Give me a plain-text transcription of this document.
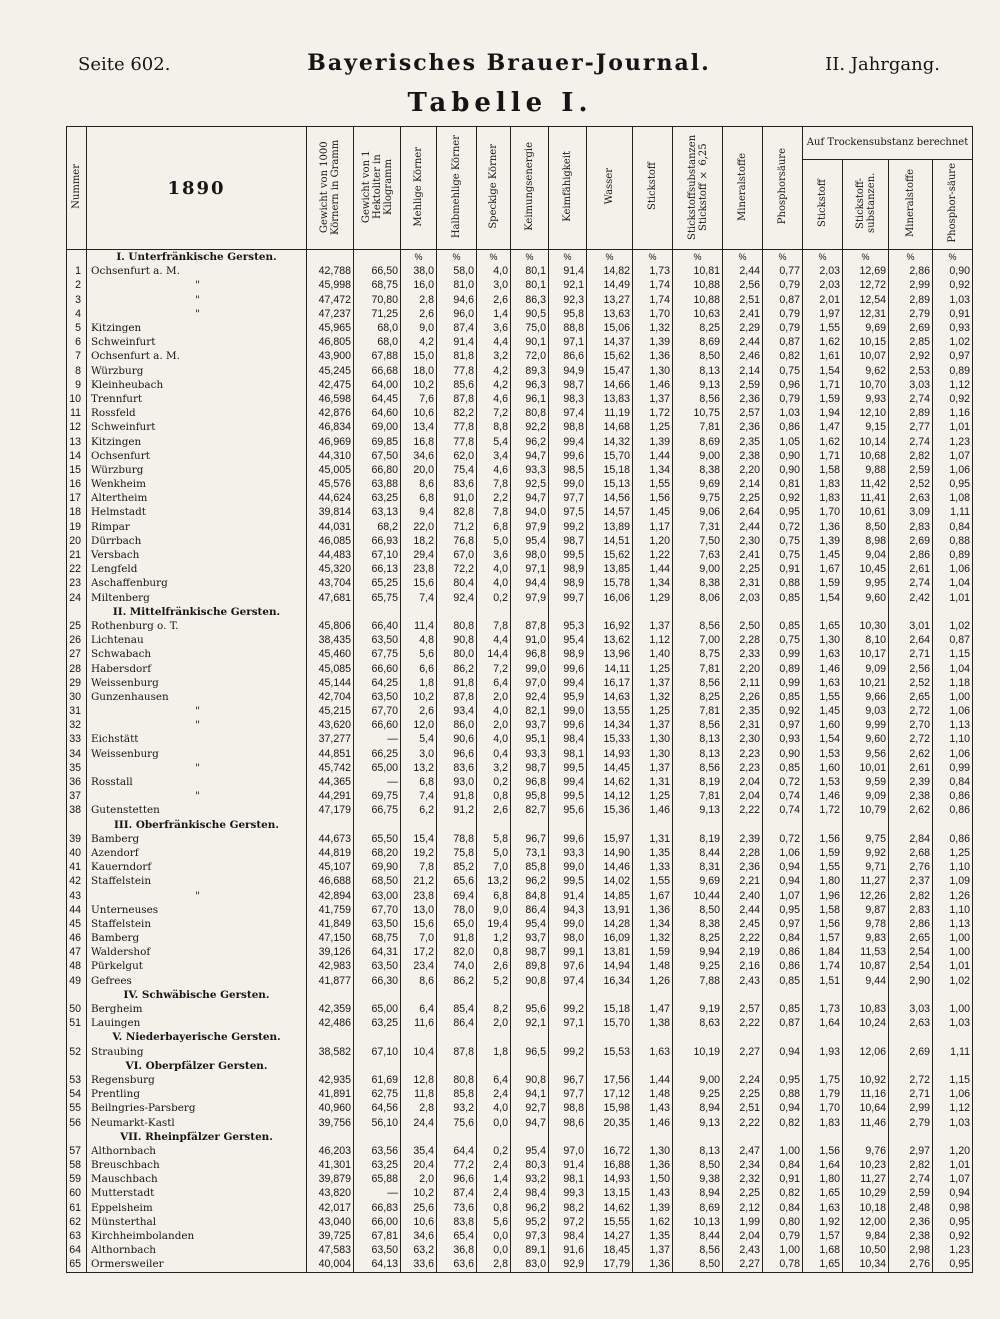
Seite 602.	Bayerisches Brauer-Journal.	II. Jahrgang.
Tabelle I.
Nummer	1890	Gewicht von 1000 Körnern in Gramm	Gewicht von 1 Hektoliter in Kilogramm	Mehlige Körner	Halbmehlige Körner	Speckige Körner	Keimungsenergie	Keimfähigkeit	Wasser	Stickstoff	Stickstoffsubstanzen Stickstoff × 6,25	Mineralstoffe	Phosphorsäure	Auf Trockensubstanz berechnet			
														Stickstoff	Stickstoff-substanzen.	Mineralstoffe	Phosphor-säure
	I. Unterfränkische Gersten.			%	%	%	%	%	%	%	%	%	%	%	%	%	%
1	Ochsenfurt a. M.	42,788	66,50	38,0	58,0	4,0	80,1	91,4	14,82	1,73	10,81	2,44	0,77	2,03	12,69	2,86	0,90
2	"	45,998	68,75	16,0	81,0	3,0	80,1	92,1	14,49	1,74	10,88	2,56	0,79	2,03	12,72	2,99	0,92
3	"	47,472	70,80	2,8	94,6	2,6	86,3	92,3	13,27	1,74	10,88	2,51	0,87	2,01	12,54	2,89	1,03
4	"	47,237	71,25	2,6	96,0	1,4	90,5	95,8	13,63	1,70	10,63	2,41	0,79	1,97	12,31	2,79	0,91
5	Kitzingen	45,965	68,0	9,0	87,4	3,6	75,0	88,8	15,06	1,32	8,25	2,29	0,79	1,55	9,69	2,69	0,93
6	Schweinfurt	46,805	68,0	4,2	91,4	4,4	90,1	97,1	14,37	1,39	8,69	2,44	0,87	1,62	10,15	2,85	1,02
7	Ochsenfurt a. M.	43,900	67,88	15,0	81,8	3,2	72,0	86,6	15,62	1,36	8,50	2,46	0,82	1,61	10,07	2,92	0,97
8	Würzburg	45,245	66,68	18,0	77,8	4,2	89,3	94,9	15,47	1,30	8,13	2,14	0,75	1,54	9,62	2,53	0,89
9	Kleinheubach	42,475	64,00	10,2	85,6	4,2	96,3	98,7	14,66	1,46	9,13	2,59	0,96	1,71	10,70	3,03	1,12
10	Trennfurt	46,598	64,45	7,6	87,8	4,6	96,1	98,3	13,83	1,37	8,56	2,36	0,79	1,59	9,93	2,74	0,92
11	Rossfeld	42,876	64,60	10,6	82,2	7,2	80,8	97,4	11,19	1,72	10,75	2,57	1,03	1,94	12,10	2,89	1,16
12	Schweinfurt	46,834	69,00	13,4	77,8	8,8	92,2	98,8	14,68	1,25	7,81	2,36	0,86	1,47	9,15	2,77	1,01
13	Kitzingen	46,969	69,85	16,8	77,8	5,4	96,2	99,4	14,32	1,39	8,69	2,35	1,05	1,62	10,14	2,74	1,23
14	Ochsenfurt	44,310	67,50	34,6	62,0	3,4	94,7	99,6	15,70	1,44	9,00	2,38	0,90	1,71	10,68	2,82	1,07
15	Würzburg	45,005	66,80	20,0	75,4	4,6	93,3	98,5	15,18	1,34	8,38	2,20	0,90	1,58	9,88	2,59	1,06
16	Wenkheim	45,576	63,88	8,6	83,6	7,8	92,5	99,0	15,13	1,55	9,69	2,14	0,81	1,83	11,42	2,52	0,95
17	Altertheim	44,624	63,25	6,8	91,0	2,2	94,7	97,7	14,56	1,56	9,75	2,25	0,92	1,83	11,41	2,63	1,08
18	Helmstadt	39,814	63,13	9,4	82,8	7,8	94,0	97,5	14,57	1,45	9,06	2,64	0,95	1,70	10,61	3,09	1,11
19	Rimpar	44,031	68,2	22,0	71,2	6,8	97,9	99,2	13,89	1,17	7,31	2,44	0,72	1,36	8,50	2,83	0,84
20	Dürrbach	46,085	66,93	18,2	76,8	5,0	95,4	98,7	14,51	1,20	7,50	2,30	0,75	1,39	8,98	2,69	0,88
21	Versbach	44,483	67,10	29,4	67,0	3,6	98,0	99,5	15,62	1,22	7,63	2,41	0,75	1,45	9,04	2,86	0,89
22	Lengfeld	45,320	66,13	23,8	72,2	4,0	97,1	98,9	13,85	1,44	9,00	2,25	0,91	1,67	10,45	2,61	1,06
23	Aschaffenburg	43,704	65,25	15,6	80,4	4,0	94,4	98,9	15,78	1,34	8,38	2,31	0,88	1,59	9,95	2,74	1,04
24	Miltenberg	47,681	65,75	7,4	92,4	0,2	97,9	99,7	16,06	1,29	8,06	2,03	0,85	1,54	9,60	2,42	1,01
	II. Mittelfränkische Gersten.																
25	Rothenburg o. T.	45,806	66,40	11,4	80,8	7,8	87,8	95,3	16,92	1,37	8,56	2,50	0,85	1,65	10,30	3,01	1,02
26	Lichtenau	38,435	63,50	4,8	90,8	4,4	91,0	95,4	13,62	1,12	7,00	2,28	0,75	1,30	8,10	2,64	0,87
27	Schwabach	45,460	67,75	5,6	80,0	14,4	96,8	98,9	13,96	1,40	8,75	2,33	0,99	1,63	10,17	2,71	1,15
28	Habersdorf	45,085	66,60	6,6	86,2	7,2	99,0	99,6	14,11	1,25	7,81	2,20	0,89	1,46	9,09	2,56	1,04
29	Weissenburg	45,144	64,25	1,8	91,8	6,4	97,0	99,4	16,17	1,37	8,56	2,11	0,99	1,63	10,21	2,52	1,18
30	Gunzenhausen	42,704	63,50	10,2	87,8	2,0	92,4	95,9	14,63	1,32	8,25	2,26	0,85	1,55	9,66	2,65	1,00
31	"	45,215	67,70	2,6	93,4	4,0	82,1	99,0	13,55	1,25	7,81	2,35	0,92	1,45	9,03	2,72	1,06
32	"	43,620	66,60	12,0	86,0	2,0	93,7	99,6	14,34	1,37	8,56	2,31	0,97	1,60	9,99	2,70	1,13
33	Eichstätt	37,277	—	5,4	90,6	4,0	95,1	98,4	15,33	1,30	8,13	2,30	0,93	1,54	9,60	2,72	1,10
34	Weissenburg	44,851	66,25	3,0	96,6	0,4	93,3	98,1	14,93	1,30	8,13	2,23	0,90	1,53	9,56	2,62	1,06
35	"	45,742	65,00	13,2	83,6	3,2	98,7	99,5	14,45	1,37	8,56	2,23	0,85	1,60	10,01	2,61	0,99
36	Rosstall	44,365	—	6,8	93,0	0,2	96,8	99,4	14,62	1,31	8,19	2,04	0,72	1,53	9,59	2,39	0,84
37	"	44,291	69,75	7,4	91,8	0,8	95,8	99,5	14,12	1,25	7,81	2,04	0,74	1,46	9,09	2,38	0,86
38	Gutenstetten	47,179	66,75	6,2	91,2	2,6	82,7	95,6	15,36	1,46	9,13	2,22	0,74	1,72	10,79	2,62	0,86
	III. Oberfränkische Gersten.																
39	Bamberg	44,673	65,50	15,4	78,8	5,8	96,7	99,6	15,97	1,31	8,19	2,39	0,72	1,56	9,75	2,84	0,86
40	Azendorf	44,819	68,20	19,2	75,8	5,0	73,1	93,3	14,90	1,35	8,44	2,28	1,06	1,59	9,92	2,68	1,25
41	Kauerndorf	45,107	69,90	7,8	85,2	7,0	85,8	99,0	14,46	1,33	8,31	2,36	0,94	1,55	9,71	2,76	1,10
42	Staffelstein	46,688	68,50	21,2	65,6	13,2	96,2	99,5	14,02	1,55	9,69	2,21	0,94	1,80	11,27	2,37	1,09
43	"	42,894	63,00	23,8	69,4	6,8	84,8	91,4	14,85	1,67	10,44	2,40	1,07	1,96	12,26	2,82	1,26
44	Unterneuses	41,759	67,70	13,0	78,0	9,0	86,4	94,3	13,91	1,36	8,50	2,44	0,95	1,58	9,87	2,83	1,10
45	Staffelstein	41,849	63,50	15,6	65,0	19,4	95,4	99,0	14,28	1,34	8,38	2,45	0,97	1,56	9,78	2,86	1,13
46	Bamberg	47,150	68,75	7,0	91,8	1,2	93,7	98,0	16,09	1,32	8,25	2,22	0,84	1,57	9,83	2,65	1,00
47	Waldershof	39,126	64,31	17,2	82,0	0,8	98,7	99,1	13,81	1,59	9,94	2,19	0,86	1,84	11,53	2,54	1,00
48	Pürkelgut	42,983	63,50	23,4	74,0	2,6	89,8	97,6	14,94	1,48	9,25	2,16	0,86	1,74	10,87	2,54	1,01
49	Gefrees	41,877	66,30	8,6	86,2	5,2	90,8	97,4	16,34	1,26	7,88	2,43	0,85	1,51	9,44	2,90	1,02
	IV. Schwäbische Gersten.																
50	Bergheim	42,359	65,00	6,4	85,4	8,2	95,6	99,2	15,18	1,47	9,19	2,57	0,85	1,73	10,83	3,03	1,00
51	Lauingen	42,486	63,25	11,6	86,4	2,0	92,1	97,1	15,70	1,38	8,63	2,22	0,87	1,64	10,24	2,63	1,03
	V. Niederbayerische Gersten.																
52	Straubing	38,582	67,10	10,4	87,8	1,8	96,5	99,2	15,53	1,63	10,19	2,27	0,94	1,93	12,06	2,69	1,11
	VI. Oberpfälzer Gersten.																
53	Regensburg	42,935	61,69	12,8	80,8	6,4	90,8	96,7	17,56	1,44	9,00	2,24	0,95	1,75	10,92	2,72	1,15
54	Prentling	41,891	62,75	11,8	85,8	2,4	94,1	97,7	17,12	1,48	9,25	2,25	0,88	1,79	11,16	2,71	1,06
55	Beilngries-Parsberg	40,960	64,56	2,8	93,2	4,0	92,7	98,8	15,98	1,43	8,94	2,51	0,94	1,70	10,64	2,99	1,12
56	Neumarkt-Kastl	39,756	56,10	24,4	75,6	0,0	94,7	98,6	20,35	1,46	9,13	2,22	0,82	1,83	11,46	2,79	1,03
	VII. Rheinpfälzer Gersten.																
57	Althornbach	46,203	63,56	35,4	64,4	0,2	95,4	97,0	16,72	1,30	8,13	2,47	1,00	1,56	9,76	2,97	1,20
58	Breuschbach	41,301	63,25	20,4	77,2	2,4	80,3	91,4	16,88	1,36	8,50	2,34	0,84	1,64	10,23	2,82	1,01
59	Mauschbach	39,879	65,88	2,0	96,6	1,4	93,2	98,1	14,93	1,50	9,38	2,32	0,91	1,80	11,27	2,74	1,07
60	Mutterstadt	43,820	—	10,2	87,4	2,4	98,4	99,3	13,15	1,43	8,94	2,25	0,82	1,65	10,29	2,59	0,94
61	Eppelsheim	42,017	66,83	25,6	73,6	0,8	96,2	98,2	14,62	1,39	8,69	2,12	0,84	1,63	10,18	2,48	0,98
62	Münsterthal	43,040	66,00	10,6	83,8	5,6	95,2	97,2	15,55	1,62	10,13	1,99	0,80	1,92	12,00	2,36	0,95
63	Kirchheimbolanden	39,725	67,81	34,6	65,4	0,0	97,3	98,4	14,27	1,35	8,44	2,04	0,79	1,57	9,84	2,38	0,92
64	Althornbach	47,583	63,50	63,2	36,8	0,0	89,1	91,6	18,45	1,37	8,56	2,43	1,00	1,68	10,50	2,98	1,23
65	Ormersweiler	40,004	64,13	33,6	63,6	2,8	83,0	92,9	17,79	1,36	8,50	2,27	0,78	1,65	10,34	2,76	0,95
